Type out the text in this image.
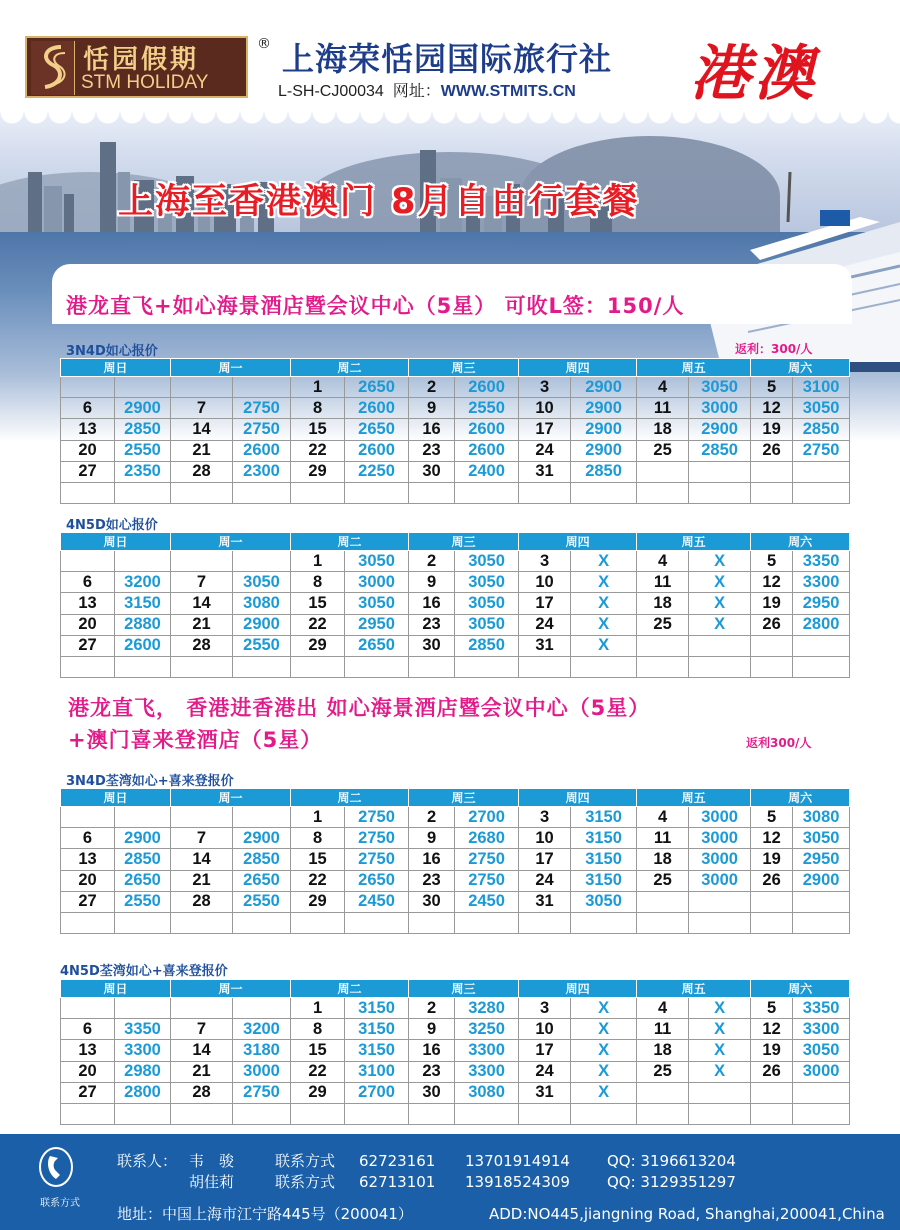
恬园假期
STM HOLIDAY
® 上海荣恬园国际旅行社
L-SH-CJ00034 网址：WWW.STMITS.CN 港澳
上海至香港澳门 8月自由行套餐
港龙直飞+如心海景酒店暨会议中心（5星） 可收L签：150/人
3N4D如心报价	返利：300/人
周日		周一		周二		周三		周四		周五		周六	
				1	2650	2	2600	3	2900	4	3050	5	3100
6	2900	7	2750	8	2600	9	2550	10	2900	11	3000	12	3050
13	2850	14	2750	15	2650	16	2600	17	2900	18	2900	19	2850
20	2550	21	2600	22	2600	23	2600	24	2900	25	2850	26	2750
27	2350	28	2300	29	2250	30	2400	31	2850				

4N5D如心报价
周日		周一		周二		周三		周四		周五		周六	
				1	3050	2	3050	3	X	4	X	5	3350
6	3200	7	3050	8	3000	9	3050	10	X	11	X	12	3300
13	3150	14	3080	15	3050	16	3050	17	X	18	X	19	2950
20	2880	21	2900	22	2950	23	3050	24	X	25	X	26	2800
27	2600	28	2550	29	2650	30	2850	31	X				

港龙直飞， 香港进香港出 如心海景酒店暨会议中心（5星）
+澳门喜来登酒店（5星）	返利300/人
3N4D荃湾如心+喜来登报价
周日		周一		周二		周三		周四		周五		周六	
				1	2750	2	2700	3	3150	4	3000	5	3080
6	2900	7	2900	8	2750	9	2680	10	3150	11	3000	12	3050
13	2850	14	2850	15	2750	16	2750	17	3150	18	3000	19	2950
20	2650	21	2650	22	2650	23	2750	24	3150	25	3000	26	2900
27	2550	28	2550	29	2450	30	2450	31	3050				

4N5D荃湾如心+喜来登报价
周日		周一		周二		周三		周四		周五		周六	
				1	3150	2	3280	3	X	4	X	5	3350
6	3350	7	3200	8	3150	9	3250	10	X	11	X	12	3300
13	3300	14	3180	15	3150	16	3300	17	X	18	X	19	3050
20	2980	21	3000	22	3100	23	3300	24	X	25	X	26	3000
27	2800	28	2750	29	2700	30	3080	31	X				

联系方式
联系人： 韦　骏	联系方式 62723161 13701914914 QQ: 3196613204
胡佳莉	联系方式 62713101 13918524309 QQ: 3129351297
地址：中国上海市江宁路445号（200041）	ADD:NO445,jiangning Road, Shanghai,200041,China
